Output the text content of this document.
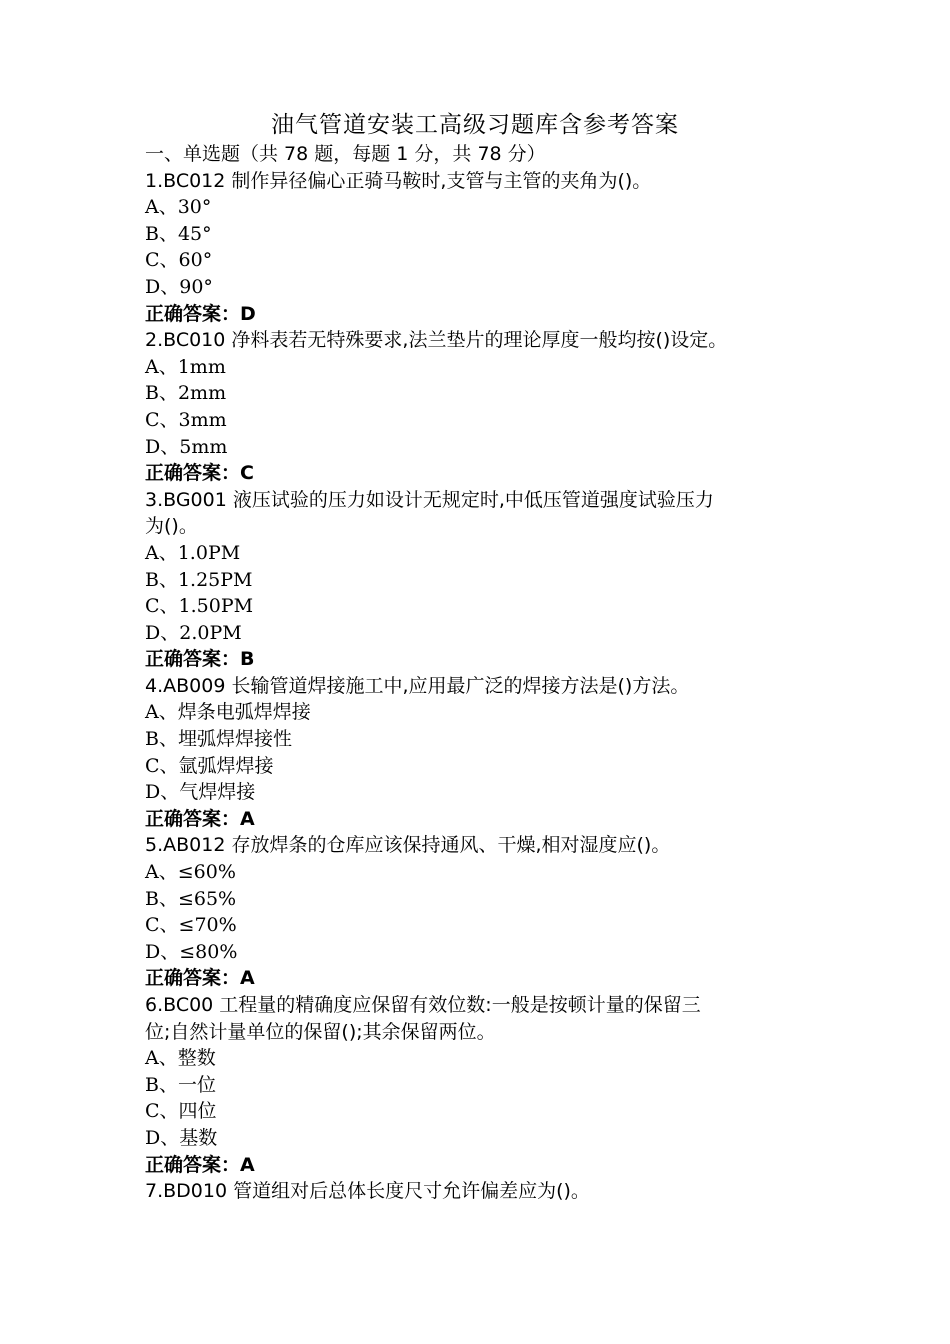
油气管道安装工高级习题库含参考答案
一、单选题（共 78 题，每题 1 分，共 78 分）
1.BC012 制作异径偏心正骑马鞍时,支管与主管的夹角为()。
A、30°
B、45°
C、60°
D、90°
正确答案：D
2.BC010 净料表若无特殊要求,法兰垫片的理论厚度一般均按()设定。
A、1mm
B、2mm
C、3mm
D、5mm
正确答案：C
3.BG001 液压试验的压力如设计无规定时,中低压管道强度试验压力
为()。
A、1.0PM
B、1.25PM
C、1.50PM
D、2.0PM
正确答案：B
4.AB009 长输管道焊接施工中,应用最广泛的焊接方法是()方法。
A、焊条电弧焊焊接
B、埋弧焊焊接性
C、氩弧焊焊接
D、气焊焊接
正确答案：A
5.AB012 存放焊条的仓库应该保持通风、干燥,相对湿度应()。
A、≤60%
B、≤65%
C、≤70%
D、≤80%
正确答案：A
6.BC00 工程量的精确度应保留有效位数:一般是按顿计量的保留三
位;自然计量单位的保留();其余保留两位。
A、整数
B、一位
C、四位
D、基数
正确答案：A
7.BD010 管道组对后总体长度尺寸允许偏差应为()。
